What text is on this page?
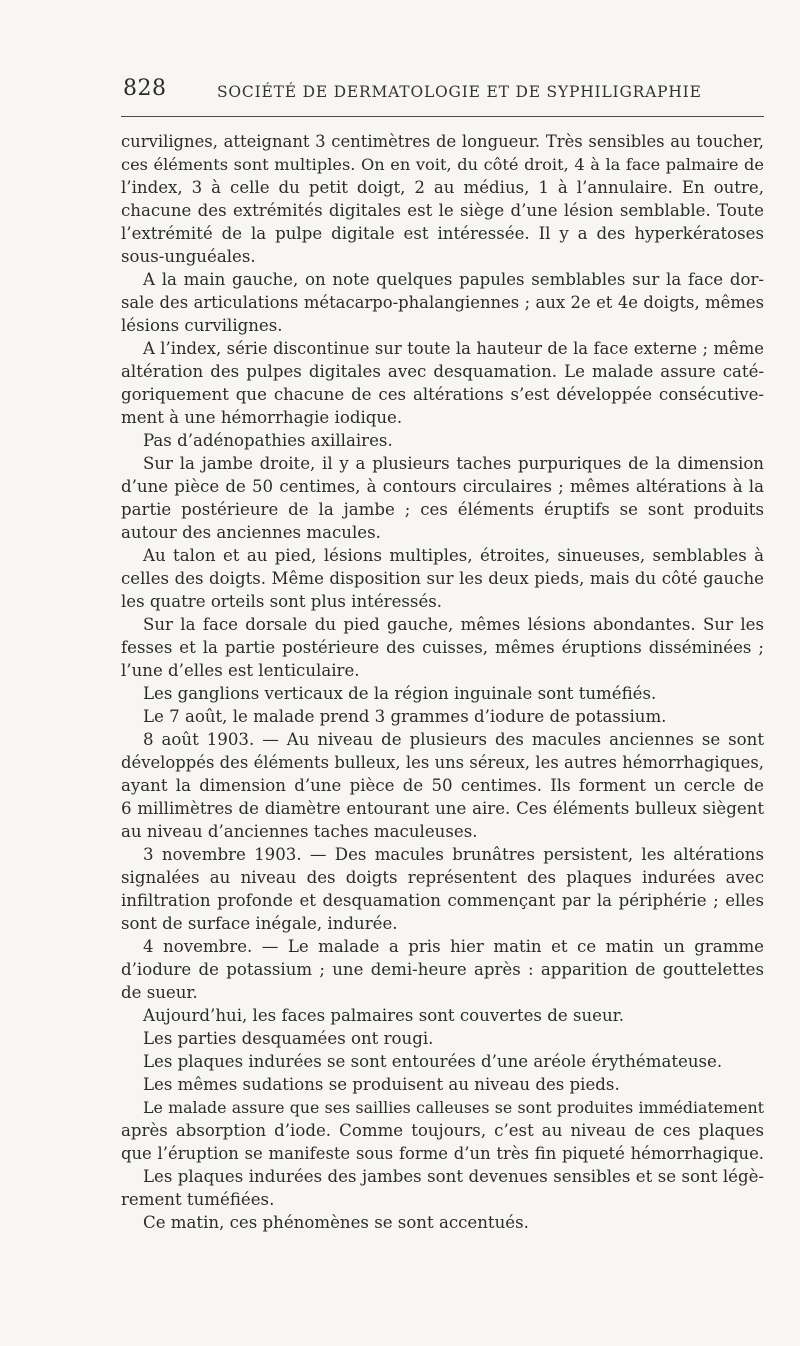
828	SOCIÉTÉ DE DERMATOLOGIE ET DE SYPHILIGRAPHIE
curvilignes, atteignant 3 centimètres de longueur. Très sensibles au toucher,
ces éléments sont multiples. On en voit, du côté droit, 4 à la face palmaire de
l’index, 3 à celle du petit doigt, 2 au médius, 1 à l’annulaire. En outre,
chacune des extrémités digitales est le siège d’une lésion semblable. Toute
l’extrémité de la pulpe digitale est intéressée. Il y a des hyperkératoses
sous-unguéales.
A la main gauche, on note quelques papules semblables sur la face dor-
sale des articulations métacarpo-phalangiennes ; aux 2e et 4e doigts, mêmes
lésions curvilignes.
A l’index, série discontinue sur toute la hauteur de la face externe ; même
altération des pulpes digitales avec desquamation. Le malade assure caté-
goriquement que chacune de ces altérations s’est développée consécutive-
ment à une hémorrhagie iodique.
Pas d’adénopathies axillaires.
Sur la jambe droite, il y a plusieurs taches purpuriques de la dimension
d’une pièce de 50 centimes, à contours circulaires ; mêmes altérations à la
partie postérieure de la jambe ; ces éléments éruptifs se sont produits
autour des anciennes macules.
Au talon et au pied, lésions multiples, étroites, sinueuses, semblables à
celles des doigts. Même disposition sur les deux pieds, mais du côté gauche
les quatre orteils sont plus intéressés.
Sur la face dorsale du pied gauche, mêmes lésions abondantes. Sur les
fesses et la partie postérieure des cuisses, mêmes éruptions disséminées ;
l’une d’elles est lenticulaire.
Les ganglions verticaux de la région inguinale sont tuméfiés.
Le 7 août, le malade prend 3 grammes d’iodure de potassium.
8 août 1903. — Au niveau de plusieurs des macules anciennes se sont
développés des éléments bulleux, les uns séreux, les autres hémorrhagiques,
ayant la dimension d’une pièce de 50 centimes. Ils forment un cercle de
6 millimètres de diamètre entourant une aire. Ces éléments bulleux siègent
au niveau d’anciennes taches maculeuses.
3 novembre 1903. — Des macules brunâtres persistent, les altérations
signalées au niveau des doigts représentent des plaques indurées avec
infiltration profonde et desquamation commençant par la périphérie ; elles
sont de surface inégale, indurée.
4 novembre. — Le malade a pris hier matin et ce matin un gramme
d’iodure de potassium ; une demi-heure après : apparition de gouttelettes
de sueur.
Aujourd’hui, les faces palmaires sont couvertes de sueur.
Les parties desquamées ont rougi.
Les plaques indurées se sont entourées d’une aréole érythémateuse.
Les mêmes sudations se produisent au niveau des pieds.
Le malade assure que ses saillies calleuses se sont produites immédiatement
après absorption d’iode. Comme toujours, c’est au niveau de ces plaques
que l’éruption se manifeste sous forme d’un très fin piqueté hémorrhagique.
Les plaques indurées des jambes sont devenues sensibles et se sont légè-
rement tuméfiées.
Ce matin, ces phénomènes se sont accentués.
